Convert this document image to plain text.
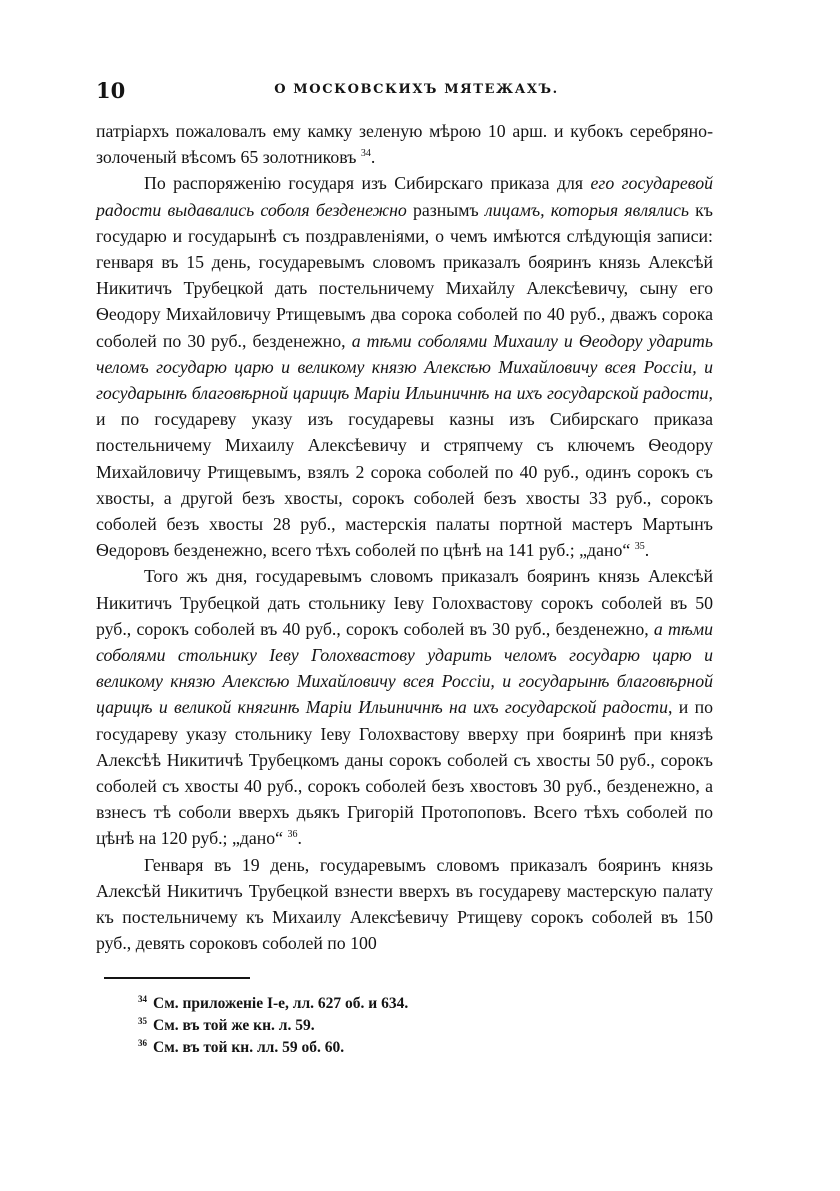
10	О МОСКОВСКИХЪ МЯТЕЖАХЪ.

патріархъ пожаловалъ ему камку зеленую мѣрою 10 арш. и кубокъ серебряно-золоченый вѣсомъ 65 золотниковъ $^{34}$.

По распоряженію государя изъ Сибирскаго приказа для его государевой радости выдавались соболя безденежно разнымъ лицамъ, которыя являлись къ государю и государынѣ съ поздравленіями, о чемъ имѣются слѣдующія записи: генваря въ 15 день, государевымъ словомъ приказалъ бояринъ князь Алексѣй Никитичъ Трубецкой дать постельничему Михайлу Алексѣевичу, сыну его Ѳеодору Михайловичу Ртищевымъ два сорока соболей по 40 руб., дважъ сорока соболей по 30 руб., безденежно, а тѣми соболями Михаилу и Ѳеодору ударить челомъ государю царю и великому князю Алексѣю Михайловичу всея Россіи, и государынѣ благовѣрной царицѣ Маріи Ильиничнѣ на ихъ государской радости, и по государеву указу изъ государевы казны изъ Сибирскаго приказа постельничему Михаилу Алексѣевичу и стряпчему съ ключемъ Ѳеодору Михайловичу Ртищевымъ, взялъ 2 сорока соболей по 40 руб., одинъ сорокъ съ хвосты, а другой безъ хвосты, сорокъ соболей безъ хвосты 33 руб., сорокъ соболей безъ хвосты 28 руб., мастерскія палаты портной мастеръ Мартынъ Ѳедоровъ безденежно, всего тѣхъ соболей по цѣнѣ на 141 руб.; „дано“ $^{35}$.

Того жъ дня, государевымъ словомъ приказалъ бояринъ князь Алексѣй Никитичъ Трубецкой дать стольнику Іеву Голохвастову сорокъ соболей въ 50 руб., сорокъ соболей въ 40 руб., сорокъ соболей въ 30 руб., безденежно, а тѣми соболями стольнику Іеву Голохвастову ударить челомъ государю царю и великому князю Алексѣю Михайловичу всея Россіи, и государынѣ благовѣрной царицѣ и великой княгинѣ Маріи Ильиничнѣ на ихъ государской радости, и по государеву указу стольнику Іеву Голохвастову вверху при бояринѣ при князѣ Алексѣѣ Никитичѣ Трубецкомъ даны сорокъ соболей съ хвосты 50 руб., сорокъ соболей съ хвосты 40 руб., сорокъ соболей безъ хвостовъ 30 руб., безденежно, а взнесъ тѣ соболи вверхъ дьякъ Григорій Протопоповъ. Всего тѣхъ соболей по цѣнѣ на 120 руб.; „дано“ $^{36}$.

Генваря въ 19 день, государевымъ словомъ приказалъ бояринъ князь Алексѣй Никитичъ Трубецкой взнести вверхъ въ государеву мастерскую палату къ постельничему къ Михаилу Алексѣевичу Ртищеву сорокъ соболей въ 150 руб., девять сороковъ соболей по 100

$^{34}$ См. приложеніе І-е, лл. 627 об. и 634.
$^{35}$ См. въ той же кн. л. 59.
$^{36}$ См. въ той кн. лл. 59 об. 60.
